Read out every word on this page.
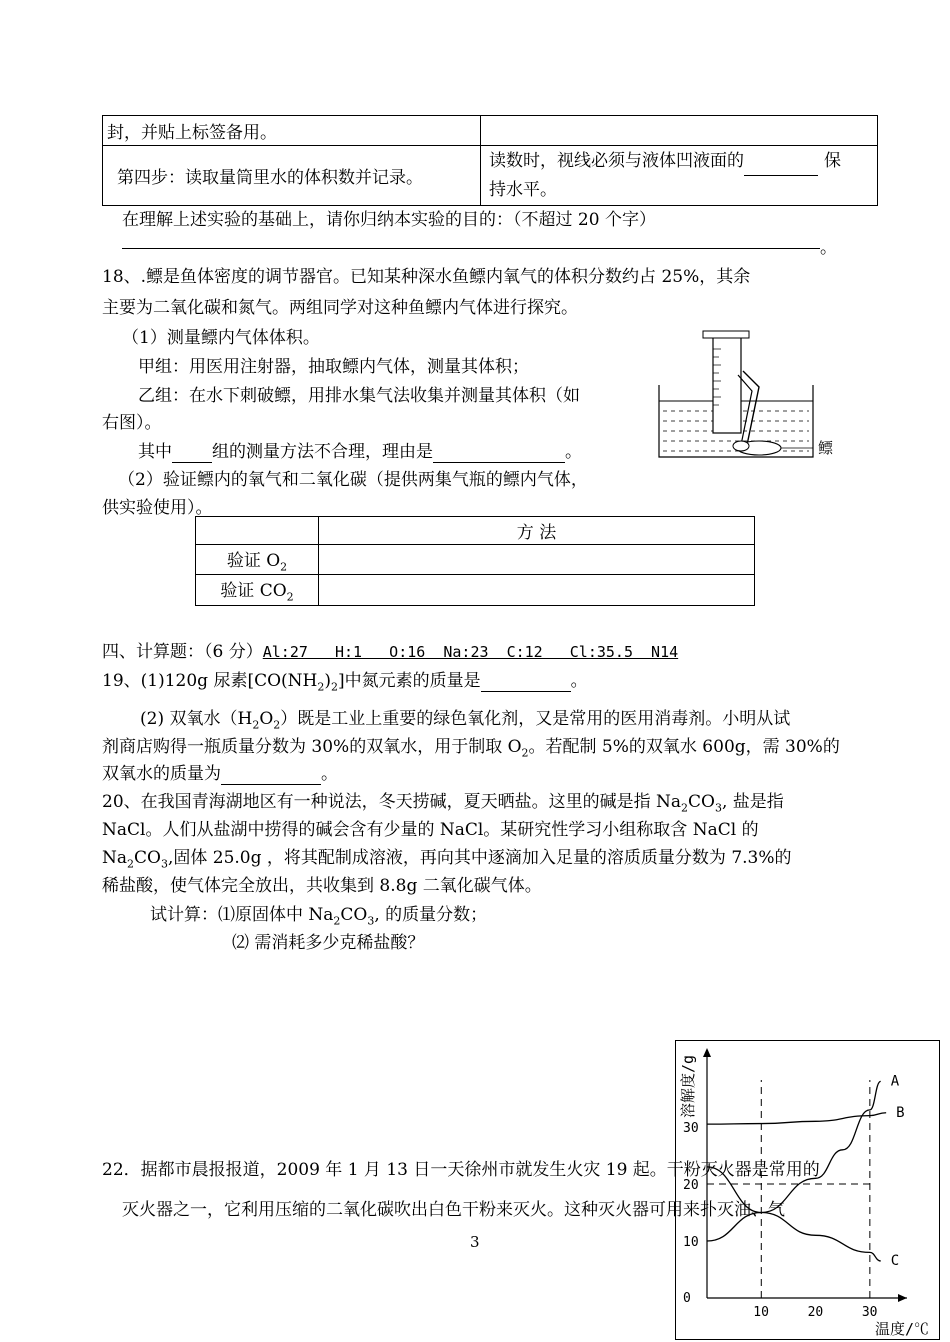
封，并贴上标签备用。	
第四步：读取量筒里水的体积数并记录。	读数时，视线必须与液体凹液面的 保
持水平。
在理解上述实验的基础上，请你归纳本实验的目的：（不超过 20 个字）
。
18、.鳔是鱼体密度的调节器官。已知某种深水鱼鳔内氧气的体积分数约占 25%，其余
主要为二氧化碳和氮气。两组同学对这种鱼鳔内气体进行探究。
（1）测量鳔内气体体积。
甲组：用医用注射器，抽取鳔内气体，测量其体积；
乙组：在水下刺破鳔，用排水集气法收集并测量其体积（如
右图）。
其中 组的测量方法不合理，理由是	。
（2）验证鳔内的氧气和二氧化碳（提供两集气瓶的鳔内气体，
供实验使用）。
鳔
	方 法
验证 $O_2$	
验证 $CO_2$	
四、计算题：（6 分）Al:27   H:1   O:16  Na:23  C:12   Cl:35.5  N14
19、(1)120g 尿素$[CO(NH_2)_2]$中氮元素的质量是	。
(2) 双氧水$(H_2O_2)$既是工业上重要的绿色氧化剂，又是常用的医用消毒剂。小明从试
剂商店购得一瓶质量分数为 30%的双氧水，用于制取 $O_2$。若配制 5%的双氧水 600g，需 30%的
双氧水的质量为	。
20、在我国青海湖地区有一种说法，冬天捞碱，夏天晒盐。这里的碱是指 $Na_2CO_3$, 盐是指
NaCl。人们从盐湖中捞得的碱会含有少量的 NaCl。某研究性学习小组称取含 NaCl 的
$Na_2CO_3$,固体 25.0g ，将其配制成溶液，再向其中逐滴加入足量的溶质质量分数为 7.3%的
稀盐酸，使气体完全放出，共收集到 8.8g 二氧化碳气体。
试计算：⑴原固体中 $Na_2CO_3$, 的质量分数；
⑵ 需消耗多少克稀盐酸？
温度/℃
溶解度/g
0
10	20	30
10
20
30
A
B
C
22．据都市晨报报道，2009 年 1 月 13 日一天徐州市就发生火灾 19 起。干粉灭火器是常用的
灭火器之一，它利用压缩的二氧化碳吹出白色干粉来灭火。这种灭火器可用来扑灭油、气
3
